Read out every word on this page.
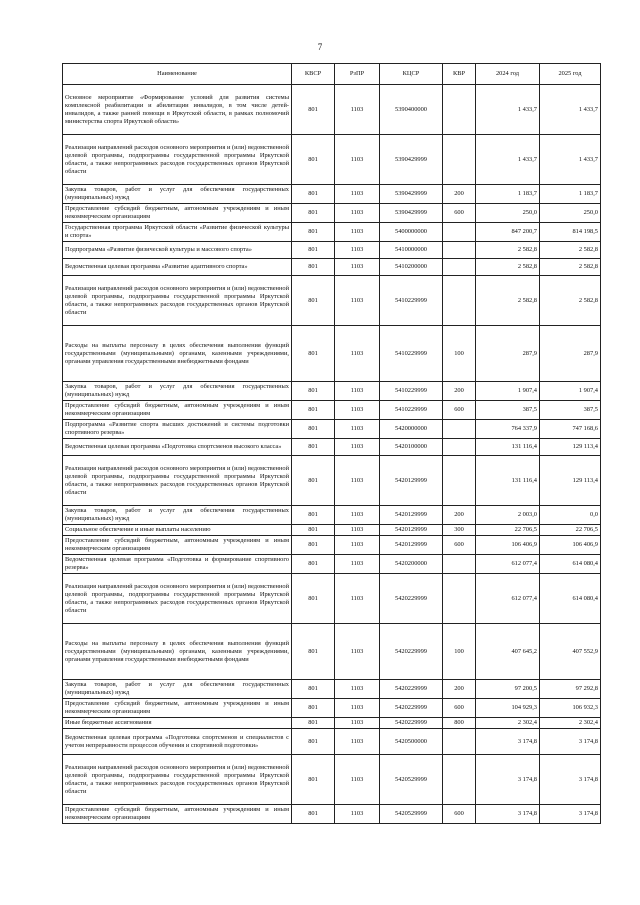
7
Наименование	КВСР	РзПР	КЦСР	КВР	2024 год	2025 год
Основное мероприятие «Формирование условий для развития системы комплексной реабилитации и абилитации инвалидов, в том числе детей-инвалидов, а также ранней помощи в Иркутской области, в рамках полномочий министерства спорта Иркутской области»	801	1103	5390400000		1 433,7	1 433,7
Реализация направлений расходов основного мероприятия и (или) ведомственной целевой программы, подпрограммы государственной программы Иркутской области, а также непрограммных расходов государственных органов Иркутской области	801	1103	5390429999		1 433,7	1 433,7
Закупка товаров, работ и услуг для обеспечения государственных (муниципальных) нужд	801	1103	5390429999	200	1 183,7	1 183,7
Предоставление субсидий бюджетным, автономным учреждениям и иным некоммерческим организациям	801	1103	5390429999	600	250,0	250,0
Государственная программа Иркутской области «Развитие физической культуры и спорта»	801	1103	5400000000		847 200,7	814 198,5
Подпрограмма «Развитие физической культуры и массового спорта»	801	1103	5410000000		2 582,8	2 582,8
Ведомственная целевая программа «Развитие адаптивного спорта»	801	1103	5410200000		2 582,8	2 582,8
Реализация направлений расходов основного мероприятия и (или) ведомственной целевой программы, подпрограммы государственной программы Иркутской области, а также непрограммных расходов государственных органов Иркутской области	801	1103	5410229999		2 582,8	2 582,8
Расходы на выплаты персоналу в целях обеспечения выполнения функций государственными (муниципальными) органами, казенными учреждениями, органами управления государственными внебюджетными фондами	801	1103	5410229999	100	287,9	287,9
Закупка товаров, работ и услуг для обеспечения государственных (муниципальных) нужд	801	1103	5410229999	200	1 907,4	1 907,4
Предоставление субсидий бюджетным, автономным учреждениям и иным некоммерческим организациям	801	1103	5410229999	600	387,5	387,5
Подпрограмма «Развитие спорта высших достижений и системы подготовки спортивного резерва»	801	1103	5420000000		764 337,9	747 168,6
Ведомственная целевая программа «Подготовка спортсменов высокого класса»	801	1103	5420100000		131 116,4	129 113,4
Реализация направлений расходов основного мероприятия и (или) ведомственной целевой программы, подпрограммы государственной программы Иркутской области, а также непрограммных расходов государственных органов Иркутской области	801	1103	5420129999		131 116,4	129 113,4
Закупка товаров, работ и услуг для обеспечения государственных (муниципальных) нужд	801	1103	5420129999	200	2 003,0	0,0
Социальное обеспечение и иные выплаты населению	801	1103	5420129999	300	22 706,5	22 706,5
Предоставление субсидий бюджетным, автономным учреждениям и иным некоммерческим организациям	801	1103	5420129999	600	106 406,9	106 406,9
Ведомственная целевая программа «Подготовка и формирование спортивного резерва»	801	1103	5420200000		612 077,4	614 080,4
Реализация направлений расходов основного мероприятия и (или) ведомственной целевой программы, подпрограммы государственной программы Иркутской области, а также непрограммных расходов государственных органов Иркутской области	801	1103	5420229999		612 077,4	614 080,4
Расходы на выплаты персоналу в целях обеспечения выполнения функций государственными (муниципальными) органами, казенными учреждениями, органами управления государственными внебюджетными фондами	801	1103	5420229999	100	407 645,2	407 552,9
Закупка товаров, работ и услуг для обеспечения государственных (муниципальных) нужд	801	1103	5420229999	200	97 200,5	97 292,8
Предоставление субсидий бюджетным, автономным учреждениям и иным некоммерческим организациям	801	1103	5420229999	600	104 929,3	106 932,3
Иные бюджетные ассигнования	801	1103	5420229999	800	2 302,4	2 302,4
Ведомственная целевая программа «Подготовка спортсменов и специалистов с учетом непрерывности процессов обучения и спортивной подготовки»	801	1103	5420500000		3 174,8	3 174,8
Реализация направлений расходов основного мероприятия и (или) ведомственной целевой программы, подпрограммы государственной программы Иркутской области, а также непрограммных расходов государственных органов Иркутской области	801	1103	5420529999		3 174,8	3 174,8
Предоставление субсидий бюджетным, автономным учреждениям и иным некоммерческим организациям	801	1103	5420529999	600	3 174,8	3 174,8
